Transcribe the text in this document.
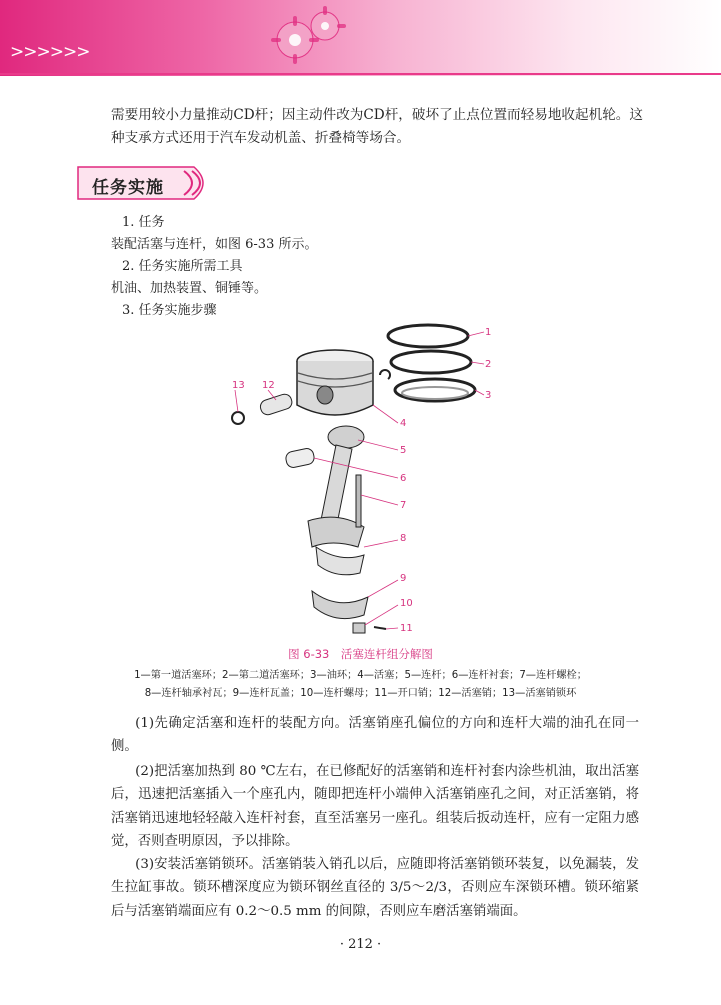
>>>>>>

需要用较小力量推动CD杆；因主动件改为CD杆，破坏了止点位置而轻易地收起机轮。这

种支承方式还用于汽车发动机盖、折叠椅等场合。

任务实施
1. 任务
装配活塞与连杆，如图 6-33 所示。
2. 任务实施所需工具
机油、加热装置、铜锤等。
3. 任务实施步骤
1
2
3
4
5
6
7
8
9
10
11
12
13
图 6-33　活塞连杆组分解图
1—第一道活塞环；2—第二道活塞环；3—油环；4—活塞；5—连杆；6—连杆衬套；7—连杆螺栓；
8—连杆轴承衬瓦；9—连杆瓦盖；10—连杆螺母；11—开口销；12—活塞销；13—活塞销锁环

(1)先确定活塞和连杆的装配方向。活塞销座孔偏位的方向和连杆大端的油孔在同一侧。

(2)把活塞加热到 80 ℃左右，在已修配好的活塞销和连杆衬套内涂些机油，取出活塞后，迅速把活塞插入一个座孔内，随即把连杆小端伸入活塞销座孔之间，对正活塞销，将活塞销迅速地轻轻敲入连杆衬套，直至活塞另一座孔。组装后扳动连杆，应有一定阻力感觉，否则查明原因，予以排除。

(3)安装活塞销锁环。活塞销装入销孔以后，应随即将活塞销锁环装复，以免漏装，发生拉缸事故。锁环槽深度应为锁环钢丝直径的 3/5～2/3，否则应车深锁环槽。锁环缩紧后与活塞销端面应有 0.2～0.5 mm 的间隙，否则应车磨活塞销端面。

· 212 ·
